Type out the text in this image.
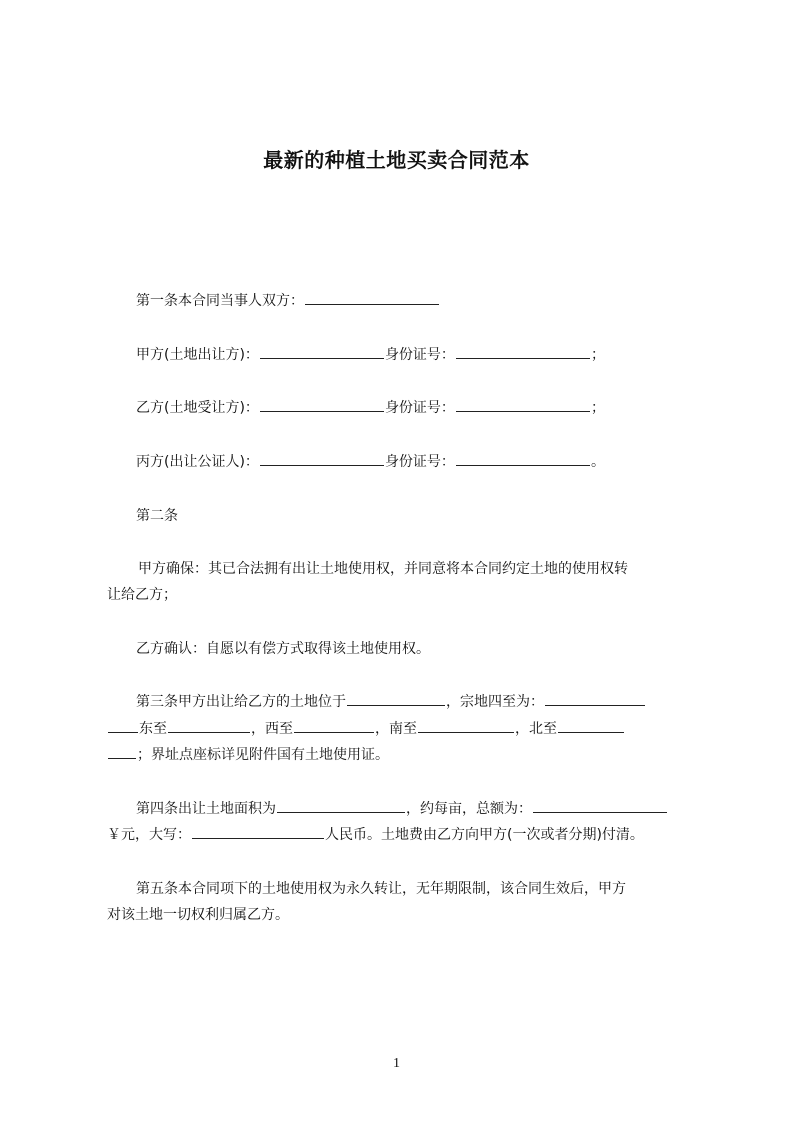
最新的种植土地买卖合同范本
第一条本合同当事人双方：
甲方(土地出让方)：	身份证号：	；
乙方(土地受让方)：	身份证号：	；
丙方(出让公证人)：	身份证号：	。
第二条
甲方确保：其已合法拥有出让土地使用权，并同意将本合同约定土地的使用权转
让给乙方；
乙方确认：自愿以有偿方式取得该土地使用权。
第三条甲方出让给乙方的土地位于	，宗地四至为：
东至	，西至	，南至	，北至
；界址点座标详见附件国有土地使用证。
第四条出让土地面积为	，约每亩，总额为：
￥元，大写：	人民币。土地费由乙方向甲方(一次或者分期)付清。
第五条本合同项下的土地使用权为永久转让，无年期限制，该合同生效后，甲方
对该土地一切权利归属乙方。
1
